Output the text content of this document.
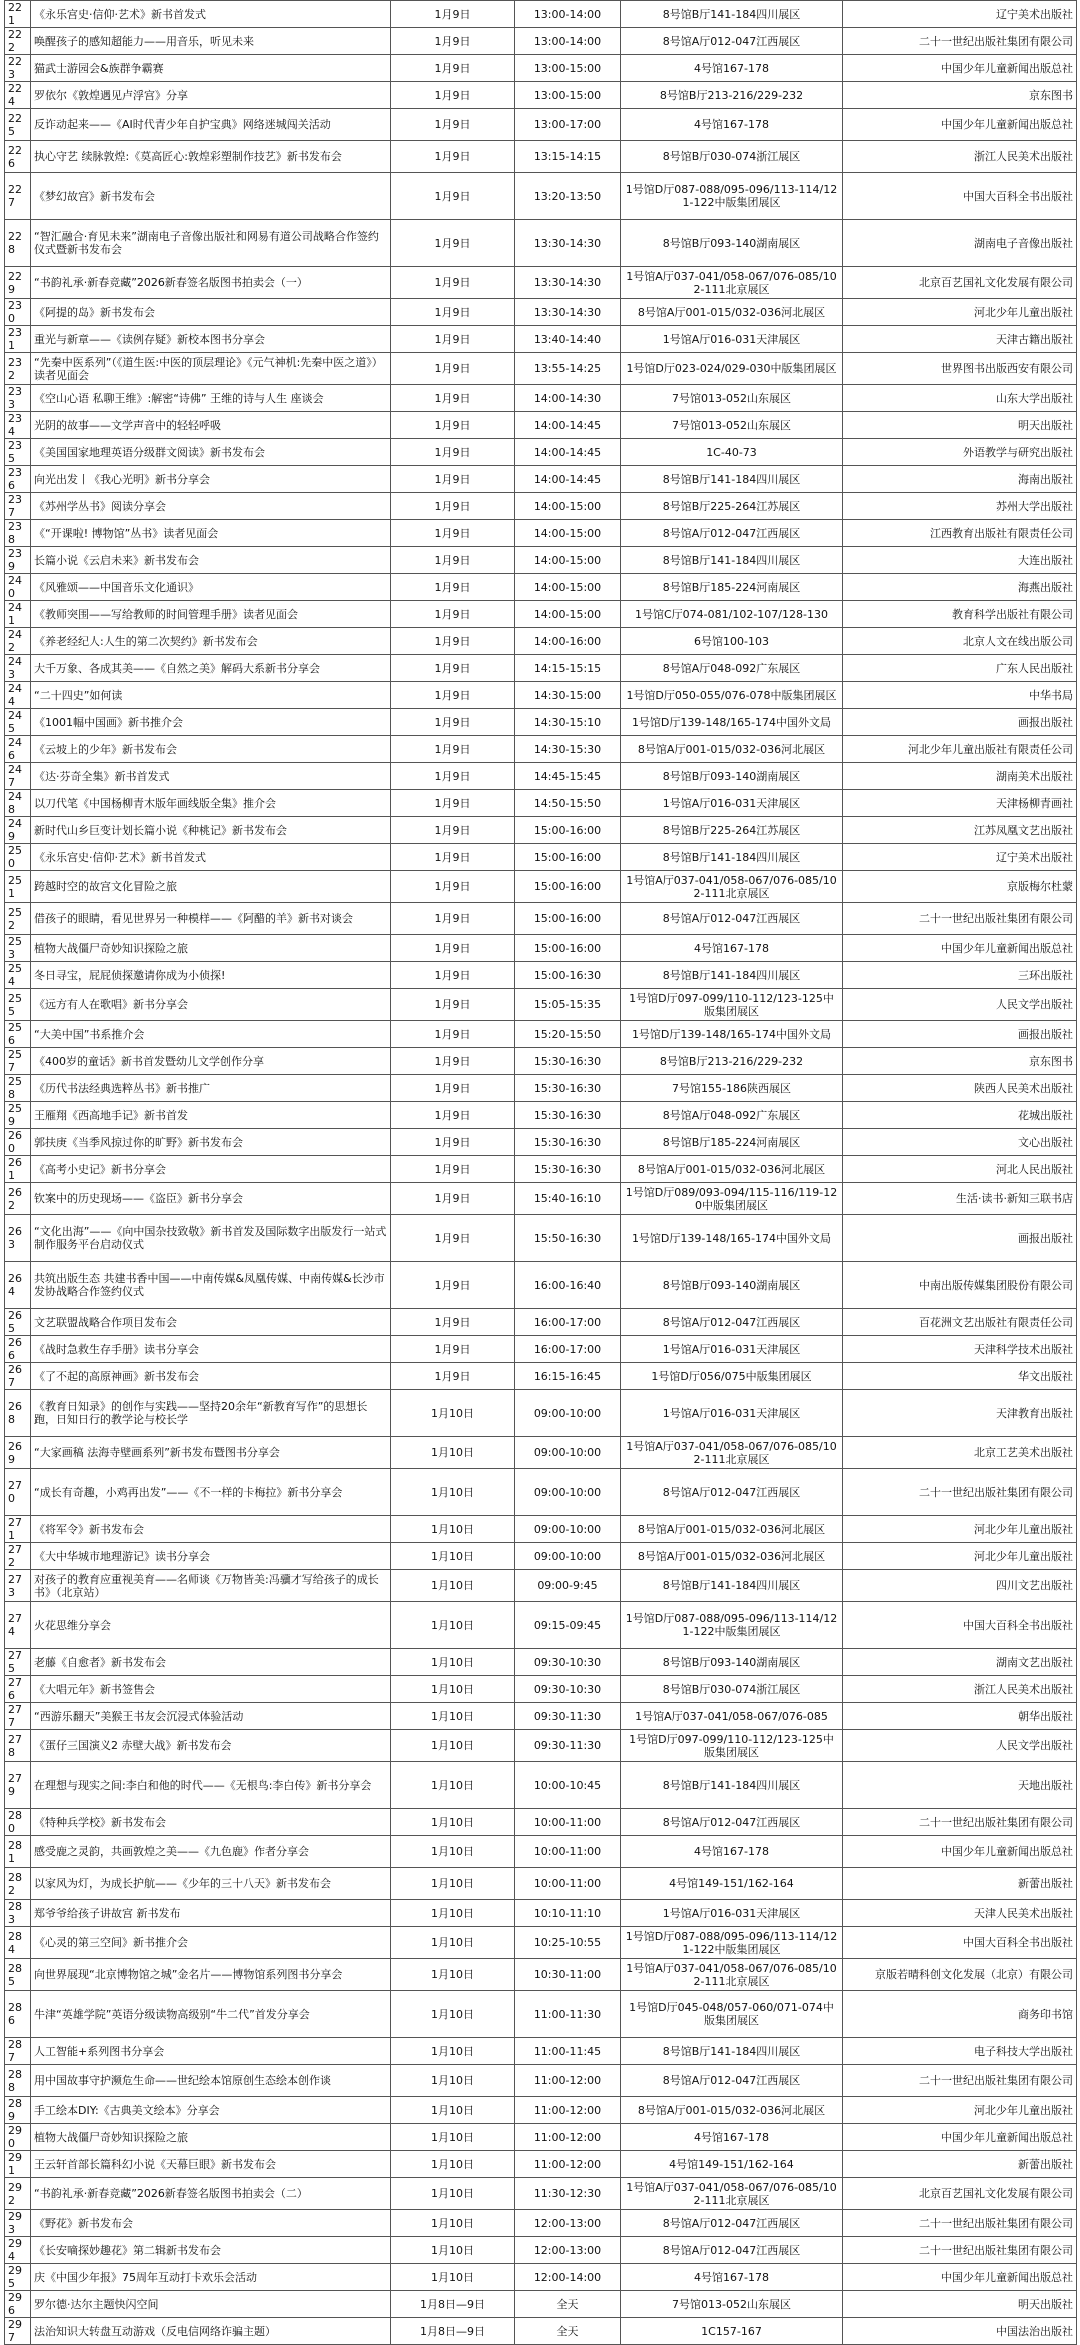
221	《永乐宫史·信仰·艺术》新书首发式	1月9日	13:00-14:00	8号馆B厅141-184四川展区	辽宁美术出版社
222	唤醒孩子的感知超能力——用音乐，听见未来	1月9日	13:00-14:00	8号馆A厅012-047江西展区	二十一世纪出版社集团有限公司
223	猫武士游园会&族群争霸赛	1月9日	13:00-15:00	4号馆167-178	中国少年儿童新闻出版总社
224	罗依尔《敦煌遇见卢浮宫》分享	1月9日	13:00-15:00	8号馆B厅213-216/229-232	京东图书
225	反诈动起来——《AI时代青少年自护宝典》网络迷城闯关活动	1月9日	13:00-17:00	4号馆167-178	中国少年儿童新闻出版总社
226	执心守艺 续脉敦煌:《莫高匠心:敦煌彩塑制作技艺》新书发布会	1月9日	13:15-14:15	8号馆B厅030-074浙江展区	浙江人民美术出版社
227	《梦幻故宫》新书发布会	1月9日	13:20-13:50	1号馆D厅087-088/095-096/113-114/121-122中版集团展区	中国大百科全书出版社
228	“智汇融合·育见未来”湖南电子音像出版社和网易有道公司战略合作签约仪式暨新书发布会	1月9日	13:30-14:30	8号馆B厅093-140湖南展区	湖南电子音像出版社
229	“书韵礼承·新春竞藏”2026新春签名版图书拍卖会（一）	1月9日	13:30-14:30	1号馆A厅037-041/058-067/076-085/102-111北京展区	北京百艺国礼文化发展有限公司
230	《阿提的岛》新书发布会	1月9日	13:30-14:30	8号馆A厅001-015/032-036河北展区	河北少年儿童出版社
231	重光与新章——《读例存疑》新校本图书分享会	1月9日	13:40-14:40	1号馆A厅016-031天津展区	天津古籍出版社
232	“先秦中医系列”（《道生医:中医的顶层理论》《元气神机:先秦中医之道》）读者见面会	1月9日	13:55-14:25	1号馆D厅023-024/029-030中版集团展区	世界图书出版西安有限公司
233	《空山心语 私聊王维》:解密“诗佛” 王维的诗与人生 座谈会	1月9日	14:00-14:30	7号馆013-052山东展区	山东大学出版社
234	光阴的故事——文学声音中的轻轻呼吸	1月9日	14:00-14:45	7号馆013-052山东展区	明天出版社
235	《美国国家地理英语分级群文阅读》新书发布会	1月9日	14:00-14:45	1C-40-73	外语教学与研究出版社
236	向光出发丨《我心光明》新书分享会	1月9日	14:00-14:45	8号馆B厅141-184四川展区	海南出版社
237	《苏州学丛书》阅读分享会	1月9日	14:00-15:00	8号馆B厅225-264江苏展区	苏州大学出版社
238	《“开课啦! 博物馆”丛书》读者见面会	1月9日	14:00-15:00	8号馆A厅012-047江西展区	江西教育出版社有限责任公司
239	长篇小说《云启未来》新书发布会	1月9日	14:00-15:00	8号馆B厅141-184四川展区	大连出版社
240	《风雅颂——中国音乐文化通识》	1月9日	14:00-15:00	8号馆B厅185-224河南展区	海燕出版社
241	《教师突围——写给教师的时间管理手册》读者见面会	1月9日	14:00-15:00	1号馆C厅074-081/102-107/128-130	教育科学出版社有限公司
242	《养老经纪人:人生的第二次契约》新书发布会	1月9日	14:00-16:00	6号馆100-103	北京人文在线出版公司
243	大千万象、各成其美——《自然之美》解码大系新书分享会	1月9日	14:15-15:15	8号馆A厅048-092广东展区	广东人民出版社
244	“二十四史”如何读	1月9日	14:30-15:00	1号馆D厅050-055/076-078中版集团展区	中华书局
245	《1001幅中国画》新书推介会	1月9日	14:30-15:10	1号馆D厅139-148/165-174中国外文局	画报出版社
246	《云坡上的少年》新书发布会	1月9日	14:30-15:30	8号馆A厅001-015/032-036河北展区	河北少年儿童出版社有限责任公司
247	《达·芬奇全集》新书首发式	1月9日	14:45-15:45	8号馆B厅093-140湖南展区	湖南美术出版社
248	以刀代笔《中国杨柳青木版年画线版全集》推介会	1月9日	14:50-15:50	1号馆A厅016-031天津展区	天津杨柳青画社
249	新时代山乡巨变计划长篇小说《种桃记》新书发布会	1月9日	15:00-16:00	8号馆B厅225-264江苏展区	江苏凤凰文艺出版社
250	《永乐宫史·信仰·艺术》新书首发式	1月9日	15:00-16:00	8号馆B厅141-184四川展区	辽宁美术出版社
251	跨越时空的故宫文化冒险之旅	1月9日	15:00-16:00	1号馆A厅037-041/058-067/076-085/102-111北京展区	京版梅尔杜蒙
252	借孩子的眼睛，看见世界另一种模样——《阿醋的羊》新书对谈会	1月9日	15:00-16:00	8号馆A厅012-047江西展区	二十一世纪出版社集团有限公司
253	植物大战僵尸奇妙知识探险之旅	1月9日	15:00-16:00	4号馆167-178	中国少年儿童新闻出版总社
254	冬日寻宝，屁屁侦探邀请你成为小侦探!	1月9日	15:00-16:30	8号馆B厅141-184四川展区	三环出版社
255	《远方有人在歌唱》新书分享会	1月9日	15:05-15:35	1号馆D厅097-099/110-112/123-125中版集团展区	人民文学出版社
256	“大美中国”书系推介会	1月9日	15:20-15:50	1号馆D厅139-148/165-174中国外文局	画报出版社
257	《400岁的童话》新书首发暨幼儿文学创作分享	1月9日	15:30-16:30	8号馆B厅213-216/229-232	京东图书
258	《历代书法经典选粹丛书》新书推广	1月9日	15:30-16:30	7号馆155-186陕西展区	陕西人民美术出版社
259	王雁翔《西高地手记》新书首发	1月9日	15:30-16:30	8号馆A厅048-092广东展区	花城出版社
260	郭扶庚《当季风掠过你的旷野》新书发布会	1月9日	15:30-16:30	8号馆B厅185-224河南展区	文心出版社
261	《高考小史记》新书分享会	1月9日	15:30-16:30	8号馆A厅001-015/032-036河北展区	河北人民出版社
262	钦案中的历史现场——《盗臣》新书分享会	1月9日	15:40-16:10	1号馆D厅089/093-094/115-116/119-120中版集团展区	生活·读书·新知三联书店
263	“文化出海”——《向中国杂技致敬》新书首发及国际数字出版发行一站式制作服务平台启动仪式	1月9日	15:50-16:30	1号馆D厅139-148/165-174中国外文局	画报出版社
264	共筑出版生态 共建书香中国——中南传媒&凤凰传媒、中南传媒&长沙市发协战略合作签约仪式	1月9日	16:00-16:40	8号馆B厅093-140湖南展区	中南出版传媒集团股份有限公司
265	文艺联盟战略合作项目发布会	1月9日	16:00-17:00	8号馆A厅012-047江西展区	百花洲文艺出版社有限责任公司
266	《战时急救生存手册》读书分享会	1月9日	16:00-17:00	1号馆A厅016-031天津展区	天津科学技术出版社
267	《了不起的高原神画》新书发布会	1月9日	16:15-16:45	1号馆D厅056/075中版集团展区	华文出版社
268	《教育日知录》的创作与实践——坚持20余年“新教育写作”的思想长跑，日知日行的教学论与校长学	1月10日	09:00-10:00	1号馆A厅016-031天津展区	天津教育出版社
269	“大家画稿 法海寺壁画系列”新书发布暨图书分享会	1月10日	09:00-10:00	1号馆A厅037-041/058-067/076-085/102-111北京展区	北京工艺美术出版社
270	“成长有奇趣，小鸡再出发”——《不一样的卡梅拉》新书分享会	1月10日	09:00-10:00	8号馆A厅012-047江西展区	二十一世纪出版社集团有限公司
271	《将军令》新书发布会	1月10日	09:00-10:00	8号馆A厅001-015/032-036河北展区	河北少年儿童出版社
272	《大中华城市地理游记》读书分享会	1月10日	09:00-10:00	8号馆A厅001-015/032-036河北展区	河北少年儿童出版社
273	对孩子的教育应重视美育——名师谈《万物皆美:冯骥才写给孩子的成长书》（北京站）	1月10日	09:00-9:45	8号馆B厅141-184四川展区	四川文艺出版社
274	火花思维分享会	1月10日	09:15-09:45	1号馆D厅087-088/095-096/113-114/121-122中版集团展区	中国大百科全书出版社
275	老藤《自愈者》新书发布会	1月10日	09:30-10:30	8号馆B厅093-140湖南展区	湖南文艺出版社
276	《大唱元年》新书签售会	1月10日	09:30-10:30	8号馆B厅030-074浙江展区	浙江人民美术出版社
277	“西游乐翻天”美猴王书友会沉浸式体验活动	1月10日	09:30-11:30	1号馆A厅037-041/058-067/076-085	朝华出版社
278	《蛋仔三国演义2 赤壁大战》新书发布会	1月10日	09:30-11:30	1号馆D厅097-099/110-112/123-125中版集团展区	人民文学出版社
279	在理想与现实之间:李白和他的时代——《无根鸟:李白传》新书分享会	1月10日	10:00-10:45	8号馆B厅141-184四川展区	天地出版社
280	《特种兵学校》新书发布会	1月10日	10:00-11:00	8号馆A厅012-047江西展区	二十一世纪出版社集团有限公司
281	感受鹿之灵韵，共画敦煌之美——《九色鹿》作者分享会	1月10日	10:00-11:00	4号馆167-178	中国少年儿童新闻出版总社
282	以家风为灯，为成长护航——《少年的三十八天》新书发布会	1月10日	10:00-11:00	4号馆149-151/162-164	新蕾出版社
283	郑爷爷给孩子讲故宫 新书发布	1月10日	10:10-11:10	1号馆A厅016-031天津展区	天津人民美术出版社
284	《心灵的第三空间》新书推介会	1月10日	10:25-10:55	1号馆D厅087-088/095-096/113-114/121-122中版集团展区	中国大百科全书出版社
285	向世界展现“北京博物馆之城”金名片——博物馆系列图书分享会	1月10日	10:30-11:00	1号馆A厅037-041/058-067/076-085/102-111北京展区	京版若晴科创文化发展（北京）有限公司
286	牛津“英雄学院”英语分级读物高级别“牛二代”首发分享会	1月10日	11:00-11:30	1号馆D厅045-048/057-060/071-074中版集团展区	商务印书馆
287	人工智能+系列图书分享会	1月10日	11:00-11:45	8号馆B厅141-184四川展区	电子科技大学出版社
288	用中国故事守护濒危生命——世纪绘本馆原创生态绘本创作谈	1月10日	11:00-12:00	8号馆A厅012-047江西展区	二十一世纪出版社集团有限公司
289	手工绘本DIY:《古典美文绘本》分享会	1月10日	11:00-12:00	8号馆A厅001-015/032-036河北展区	河北少年儿童出版社
290	植物大战僵尸奇妙知识探险之旅	1月10日	11:00-12:00	4号馆167-178	中国少年儿童新闻出版总社
291	王云轩首部长篇科幻小说《天幕巨眼》新书发布会	1月10日	11:00-12:00	4号馆149-151/162-164	新蕾出版社
292	“书韵礼承·新春竞藏”2026新春签名版图书拍卖会（二）	1月10日	11:30-12:30	1号馆A厅037-041/058-067/076-085/102-111北京展区	北京百艺国礼文化发展有限公司
293	《野花》新书发布会	1月10日	12:00-13:00	8号馆A厅012-047江西展区	二十一世纪出版社集团有限公司
294	《长安嘀探妙趣花》第二辑新书发布会	1月10日	12:00-13:00	8号馆A厅012-047江西展区	二十一世纪出版社集团有限公司
295	庆《中国少年报》75周年互动打卡欢乐会活动	1月10日	12:00-14:00	4号馆167-178	中国少年儿童新闻出版总社
296	罗尔德·达尔主题快闪空间	1月8日—9日	全天	7号馆013-052山东展区	明天出版社
297	法治知识大转盘互动游戏（反电信网络诈骗主题）	1月8日—9日	全天	1C157-167	中国法治出版社
